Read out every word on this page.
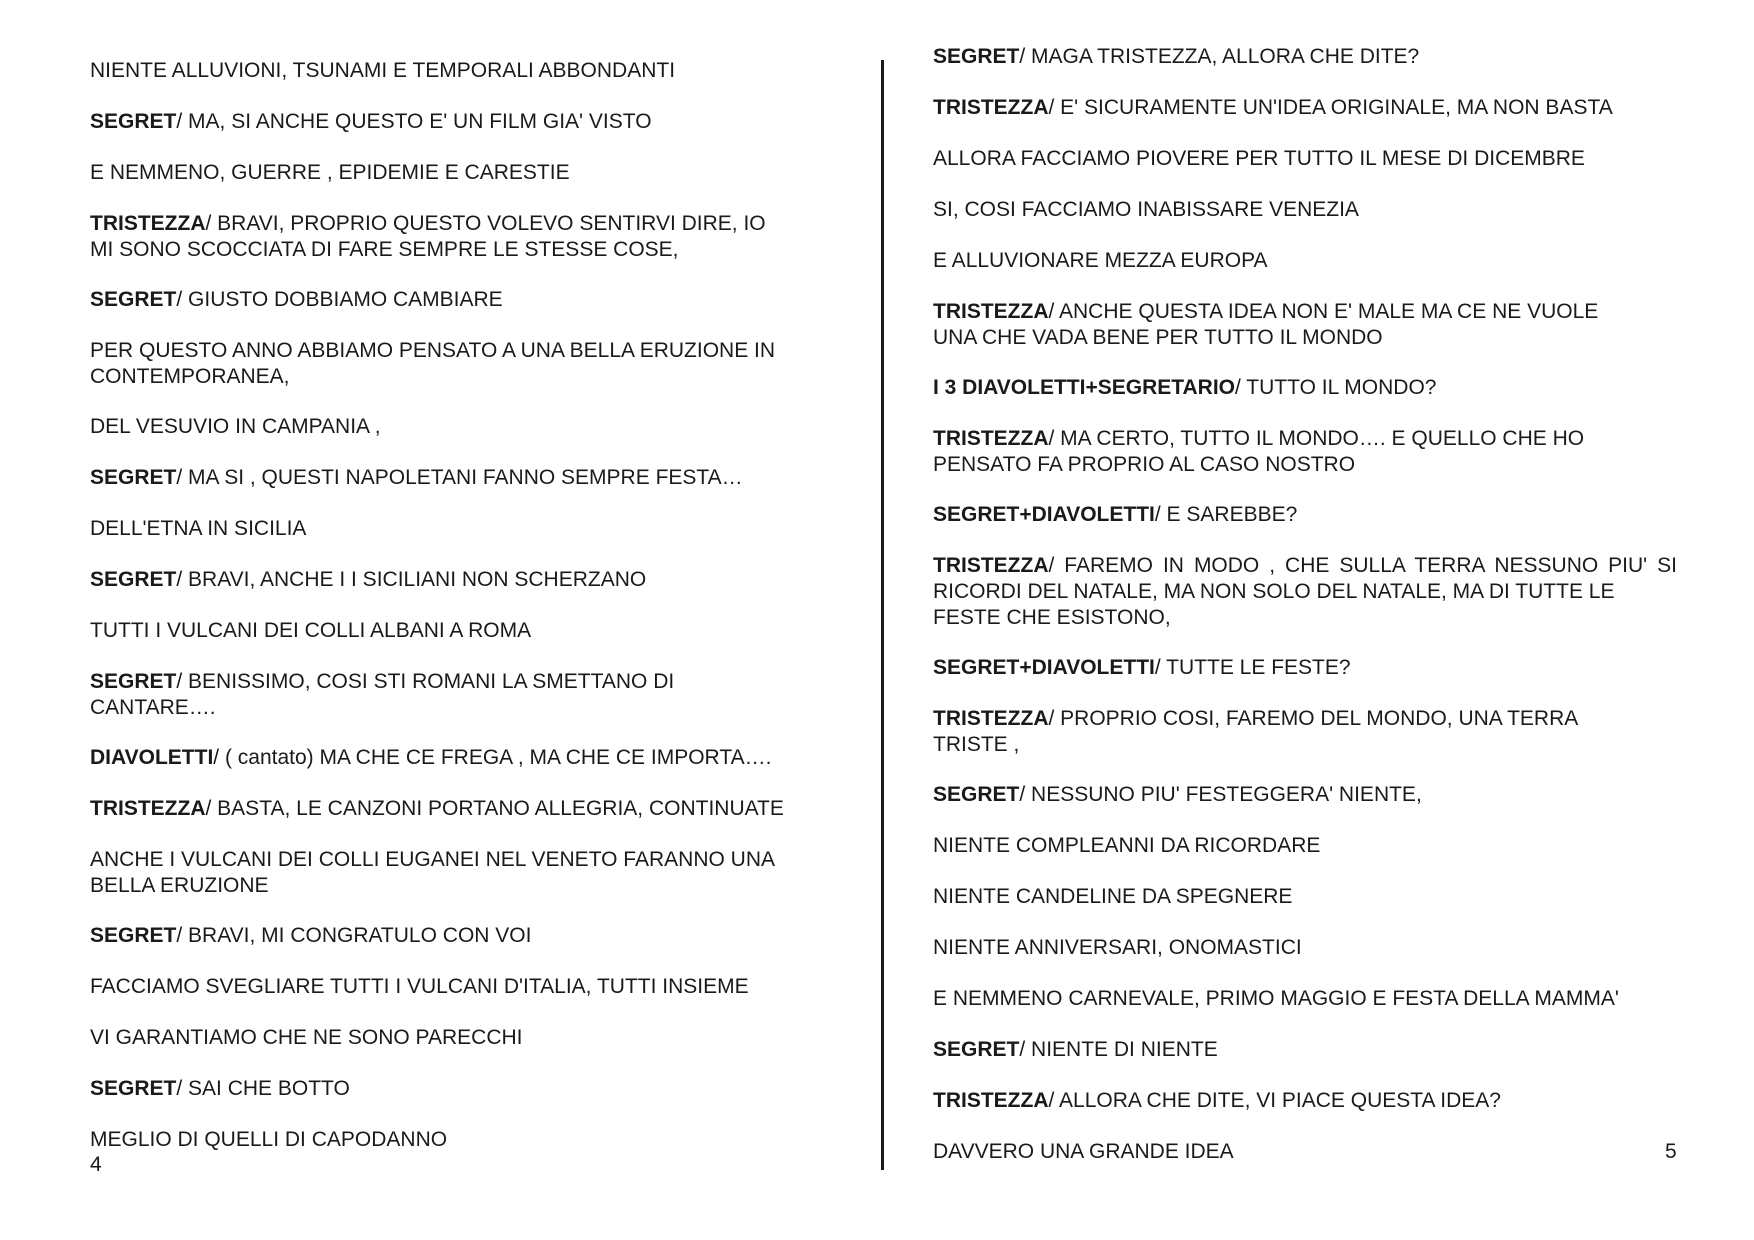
NIENTE ALLUVIONI, TSUNAMI E TEMPORALI ABBONDANTI
SEGRET/ MA, SI ANCHE QUESTO E' UN FILM GIA' VISTO
E NEMMENO, GUERRE , EPIDEMIE E CARESTIE
TRISTEZZA/ BRAVI, PROPRIO QUESTO VOLEVO SENTIRVI DIRE, IO
MI SONO SCOCCIATA DI FARE SEMPRE LE STESSE COSE,
SEGRET/ GIUSTO DOBBIAMO CAMBIARE
PER QUESTO ANNO ABBIAMO PENSATO A UNA BELLA ERUZIONE IN
CONTEMPORANEA,
DEL VESUVIO IN CAMPANIA ,
SEGRET/ MA SI , QUESTI NAPOLETANI FANNO SEMPRE FESTA…
DELL'ETNA IN SICILIA
SEGRET/ BRAVI, ANCHE I I SICILIANI NON SCHERZANO
TUTTI I VULCANI DEI COLLI ALBANI A ROMA
SEGRET/ BENISSIMO, COSI STI ROMANI LA SMETTANO DI
CANTARE….
DIAVOLETTI/ ( cantato) MA CHE CE FREGA , MA CHE CE IMPORTA….
TRISTEZZA/ BASTA, LE CANZONI PORTANO ALLEGRIA, CONTINUATE
ANCHE I VULCANI DEI COLLI EUGANEI NEL VENETO FARANNO UNA
BELLA ERUZIONE
SEGRET/ BRAVI, MI CONGRATULO CON VOI
FACCIAMO SVEGLIARE TUTTI I VULCANI D'ITALIA, TUTTI INSIEME
VI GARANTIAMO CHE NE SONO PARECCHI
SEGRET/ SAI CHE BOTTO
MEGLIO DI QUELLI DI CAPODANNO
4
SEGRET/ MAGA TRISTEZZA, ALLORA CHE DITE?
TRISTEZZA/ E' SICURAMENTE UN'IDEA ORIGINALE, MA NON BASTA
ALLORA FACCIAMO PIOVERE PER TUTTO IL MESE DI DICEMBRE
SI, COSI FACCIAMO INABISSARE VENEZIA
E ALLUVIONARE MEZZA EUROPA
TRISTEZZA/ ANCHE QUESTA IDEA NON E' MALE MA CE NE VUOLE
UNA CHE VADA BENE PER TUTTO IL MONDO
I 3 DIAVOLETTI+SEGRETARIO/ TUTTO IL MONDO?
TRISTEZZA/ MA CERTO, TUTTO IL MONDO…. E QUELLO CHE HO
PENSATO FA PROPRIO AL CASO NOSTRO
SEGRET+DIAVOLETTI/ E SAREBBE?
TRISTEZZA/ FAREMO IN MODO , CHE SULLA TERRA NESSUNO PIU' SI RICORDI DEL NATALE, MA NON SOLO DEL NATALE, MA DI TUTTE LE
FESTE CHE ESISTONO,
SEGRET+DIAVOLETTI/ TUTTE LE FESTE?
TRISTEZZA/ PROPRIO COSI, FAREMO DEL MONDO, UNA TERRA
TRISTE ,
SEGRET/ NESSUNO PIU' FESTEGGERA' NIENTE,
NIENTE COMPLEANNI DA RICORDARE
NIENTE CANDELINE DA SPEGNERE
NIENTE ANNIVERSARI, ONOMASTICI
E NEMMENO CARNEVALE, PRIMO MAGGIO E FESTA DELLA MAMMA'
SEGRET/ NIENTE DI NIENTE
TRISTEZZA/ ALLORA CHE DITE, VI PIACE QUESTA IDEA?
DAVVERO UNA GRANDE IDEA	5
